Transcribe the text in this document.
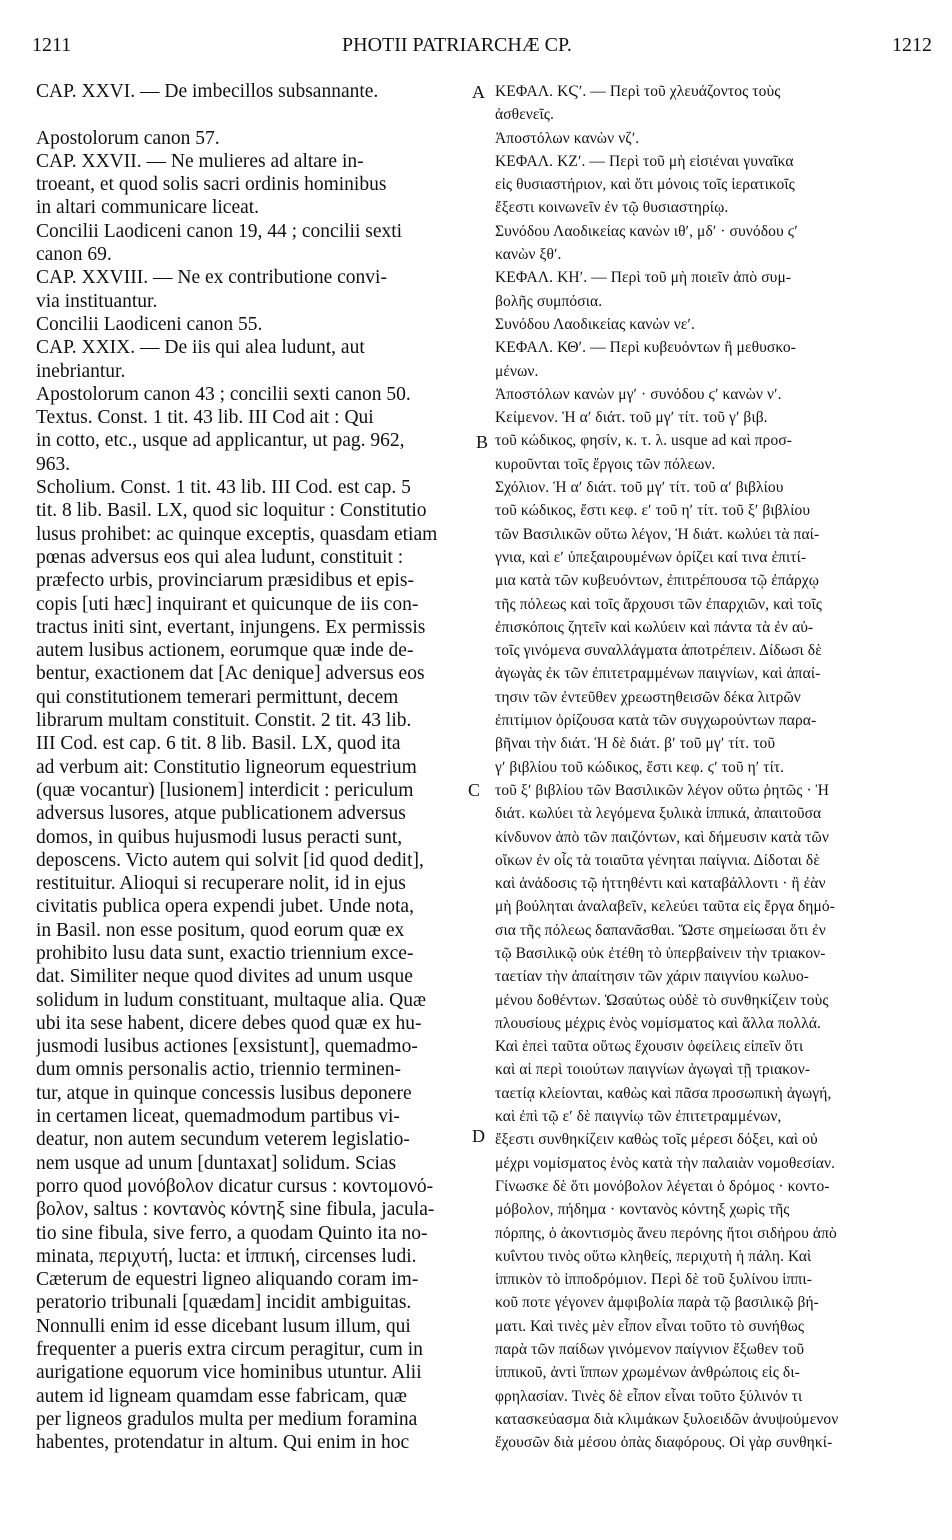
1211	PHOTII PATRIARCHÆ CP.	1212
CAP. XXVI. — De imbecillos subsannante.
Apostolorum canon 57.
CAP. XXVII. — Ne mulieres ad altare in-
troeant, et quod solis sacri ordinis hominibus
in altari communicare liceat.
Concilii Laodiceni canon 19, 44 ; concilii sexti
canon 69.
CAP. XXVIII. — Ne ex contributione convi-
via instituantur.
Concilii Laodiceni canon 55.
CAP. XXIX. — De iis qui alea ludunt, aut
inebriantur.
Apostolorum canon 43 ; concilii sexti canon 50.
Textus. Const. 1 tit. 43 lib. III Cod ait : Qui
in cotto, etc., usque ad applicantur, ut pag. 962,
963.
Scholium. Const. 1 tit. 43 lib. III Cod. est cap. 5
tit. 8 lib. Basil. LX, quod sic loquitur : Constitutio
lusus prohibet: ac quinque exceptis, quasdam etiam
pœnas adversus eos qui alea ludunt, constituit :
præfecto urbis, provinciarum præsidibus et epis-
copis [uti hæc] inquirant et quicunque de iis con-
tractus initi sint, evertant, injungens. Ex permissis
autem lusibus actionem, eorumque quæ inde de-
bentur, exactionem dat [Ac denique] adversus eos
qui constitutionem temerari permittunt, decem
librarum multam constituit. Constit. 2 tit. 43 lib.
III Cod. est cap. 6 tit. 8 lib. Basil. LX, quod ita
ad verbum ait: Constitutio ligneorum equestrium
(quæ vocantur) [lusionem] interdicit : periculum
adversus lusores, atque publicationem adversus
domos, in quibus hujusmodi lusus peracti sunt,
deposcens. Victo autem qui solvit [id quod dedit],
restituitur. Alioqui si recuperare nolit, id in ejus
civitatis publica opera expendi jubet. Unde nota,
in Basil. non esse positum, quod eorum quæ ex
prohibito lusu data sunt, exactio triennium exce-
dat. Similiter neque quod divites ad unum usque
solidum in ludum constituant, multaque alia. Quæ
ubi ita sese habent, dicere debes quod quæ ex hu-
jusmodi lusibus actiones [exsistunt], quemadmo-
dum omnis personalis actio, triennio terminen-
tur, atque in quinque concessis lusibus deponere
in certamen liceat, quemadmodum partibus vi-
deatur, non autem secundum veterem legislatio-
nem usque ad unum [duntaxat] solidum. Scias
porro quod μονόβολον dicatur cursus : κοντομονό-
βολον, saltus : κοντανὸς κόντηξ sine fibula, jacula-
tio sine fibula, sive ferro, a quodam Quinto ita no-
minata, περιχυτή, lucta: et ἱππική, circenses ludi.
Cæterum de equestri ligneo aliquando coram im-
peratorio tribunali [quædam] incidit ambiguitas.
Nonnulli enim id esse dicebant lusum illum, qui
frequenter a pueris extra circum peragitur, cum in
aurigatione equorum vice hominibus utuntur. Alii
autem id ligneam quamdam esse fabricam, quæ
per ligneos gradulos multa per medium foramina
habentes, protendatur in altum. Qui enim in hoc
ΚΕΦΑΛ. ΚϚʹ. — Περὶ τοῦ χλευάζοντος τοὺς
ἀσθενεῖς.
Ἀποστόλων κανὼν νζʹ.
ΚΕΦΑΛ. ΚΖʹ. — Περὶ τοῦ μὴ εἰσιέναι γυναῖκα
εἰς θυσιαστήριον, καὶ ὅτι μόνοις τοῖς ἱερατικοῖς
ἔξεστι κοινωνεῖν ἐν τῷ θυσιαστηρίῳ.
Συνόδου Λαοδικείας κανὼν ιθʹ, μδʹ · συνόδου ϛʹ
κανὼν ξθʹ.
ΚΕΦΑΛ. ΚΗʹ. — Περὶ τοῦ μὴ ποιεῖν ἀπὸ συμ-
βολῆς συμπόσια.
Συνόδου Λαοδικείας κανὼν νεʹ.
ΚΕΦΑΛ. ΚΘʹ. — Περὶ κυβευόντων ἢ μεθυσκο-
μένων.
Ἀποστόλων κανὼν μγʹ · συνόδου ϛʹ κανὼν νʹ.
Κείμενον. Ἡ αʹ διάτ. τοῦ μγʹ τίτ. τοῦ γʹ βιβ.
τοῦ κώδικος, φησίν, κ. τ. λ. usque ad καὶ προσ-
κυροῦνται τοῖς ἔργοις τῶν πόλεων.
Σχόλιον. Ἡ αʹ διάτ. τοῦ μγʹ τίτ. τοῦ αʹ βιβλίου
τοῦ κώδικος, ἔστι κεφ. εʹ τοῦ ηʹ τίτ. τοῦ ξʹ βιβλίου
τῶν Βασιλικῶν οὕτω λέγον, Ἡ διάτ. κωλύει τὰ παί-
γνια, καὶ εʹ ὑπεξαιρουμένων ὁρίζει καί τινα ἐπιτί-
μια κατὰ τῶν κυβευόντων, ἐπιτρέπουσα τῷ ἐπάρχῳ
τῆς πόλεως καὶ τοῖς ἄρχουσι τῶν ἐπαρχιῶν, καὶ τοῖς
ἐπισκόποις ζητεῖν καὶ κωλύειν καὶ πάντα τὰ ἐν αὐ-
τοῖς γινόμενα συναλλάγματα ἀποτρέπειν. Δίδωσι δὲ
ἀγωγὰς ἐκ τῶν ἐπιτετραμμένων παιγνίων, καὶ ἀπαί-
τησιν τῶν ἐντεῦθεν χρεωστηθεισῶν δέκα λιτρῶν
ἐπιτίμιον ὁρίζουσα κατὰ τῶν συγχωρούντων παρα-
βῆναι τὴν διάτ. Ἡ δὲ διάτ. βʹ τοῦ μγʹ τίτ. τοῦ
γʹ βιβλίου τοῦ κώδικος, ἔστι κεφ. ϛʹ τοῦ ηʹ τίτ.
τοῦ ξʹ βιβλίου τῶν Βασιλικῶν λέγον οὕτω ῥητῶς · Ἡ
διάτ. κωλύει τὰ λεγόμενα ξυλικὰ ἱππικά, ἀπαιτοῦσα
κίνδυνον ἀπὸ τῶν παιζόντων, καὶ δήμευσιν κατὰ τῶν
οἴκων ἐν οἷς τὰ τοιαῦτα γένηται παίγνια. Δίδοται δὲ
καὶ ἀνάδοσις τῷ ἡττηθέντι καὶ καταβάλλοντι · ἢ ἐὰν
μὴ βούληται ἀναλαβεῖν, κελεύει ταῦτα εἰς ἔργα δημό-
σια τῆς πόλεως δαπανᾶσθαι. Ὥστε σημείωσαι ὅτι ἐν
τῷ Βασιλικῷ οὐκ ἐτέθη τὸ ὑπερβαίνειν τὴν τριακον-
ταετίαν τὴν ἀπαίτησιν τῶν χάριν παιγνίου κωλυο-
μένου δοθέντων. Ὡσαύτως οὐδὲ τὸ συνθηκίζειν τοὺς
πλουσίους μέχρις ἑνὸς νομίσματος καὶ ἄλλα πολλά.
Καὶ ἐπεὶ ταῦτα οὕτως ἔχουσιν ὀφείλεις εἰπεῖν ὅτι
καὶ αἱ περὶ τοιούτων παιγνίων ἀγωγαὶ τῇ τριακον-
ταετίᾳ κλείονται, καθὼς καὶ πᾶσα προσωπικὴ ἀγωγή,
καὶ ἐπὶ τῷ εʹ δὲ παιγνίῳ τῶν ἐπιτετραμμένων,
ἔξεστι συνθηκίζειν καθὼς τοῖς μέρεσι δόξει, καὶ οὐ
μέχρι νομίσματος ἑνὸς κατὰ τὴν παλαιὰν νομοθεσίαν.
Γίνωσκε δὲ ὅτι μονόβολον λέγεται ὁ δρόμος · κοντο-
μόβολον, πήδημα · κοντανὸς κόντηξ χωρὶς τῆς
πόρπης, ὁ ἀκοντισμὸς ἄνευ περόνης ἤτοι σιδήρου ἀπὸ
κυΐντου τινὸς οὕτω κληθείς, περιχυτὴ ἡ πάλη. Καὶ
ἱππικὸν τὸ ἱπποδρόμιον. Περὶ δὲ τοῦ ξυλίνου ἱππι-
κοῦ ποτε γέγονεν ἀμφιβολία παρὰ τῷ βασιλικῷ βή-
ματι. Καὶ τινὲς μὲν εἶπον εἶναι τοῦτο τὸ συνήθως
παρὰ τῶν παίδων γινόμενον παίγνιον ἔξωθεν τοῦ
ἱππικοῦ, ἀντὶ ἵππων χρωμένων ἀνθρώποις εἰς δι-
φρηλασίαν. Τινὲς δὲ εἶπον εἶναι τοῦτο ξύλινόν τι
κατασκεύασμα διὰ κλιμάκων ξυλοειδῶν ἀνυψούμενον
ἔχουσῶν διὰ μέσου ὀπὰς διαφόρους. Οἱ γὰρ συνθηκί-
A
B
C
D
